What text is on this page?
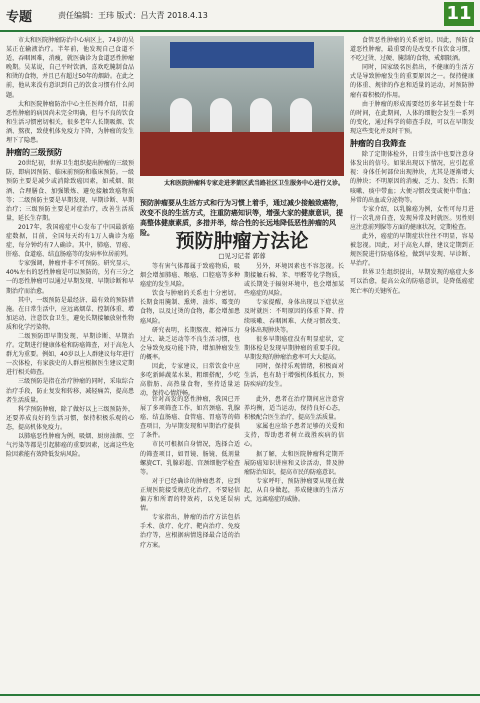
专题	责任编辑：王玮 版式：吕大青 2018.4.13	11

市太和医院肿瘤防治中心病区上，74岁的吴某正在输液治疗。半年前，他发现自己食道不适，吞咽困难，消瘦，就医确诊为食道恶性肿瘤晚期。吴某说，自己平时饮酒，喜欢吃腌制食品和烫的食物，并且已有超过50年的烟龄。在此之前，他从来没有意识到自己的饮食习惯有什么问题。

太和医院肿瘤防治中心主任医师介绍，目前恶性肿瘤的病因尚未完全明确，但与不良的饮食和生活习惯密切相关，很多老年人长期吸烟、饮酒、熬夜，致使机体免疫力下降，为肿瘤的发生埋下了隐患。

肿瘤的三级预防

20世纪初，世界卫生组织提出肿瘤的三级预防，即病因预防、临床前预防和临床预防。一级预防主要是减少或消除致癌因素，如戒烟、限酒、合理膳食、加强锻炼、避免接触致癌物质等；二级预防主要是早期发现、早期诊断、早期治疗；三级预防主要是对症治疗，改善生活质量，延长生存期。

2017年，我国癌症中心发布了中国最新癌症数据，目前，全国每天约有1万人确诊为癌症，每分钟约有7人确诊。其中，肺癌、胃癌、肝癌、食道癌、结直肠癌等的发病率位居前列。

专家强调，肿瘤并非不可预防。研究显示，40%左右的恶性肿瘤是可以预防的，另有三分之一的恶性肿瘤可以通过早期发现、早期诊断和早期治疗而治愈。

其中，一级预防是最经济、最有效的预防措施。在日常生活中，应远离烟草、控制体重、增加运动、注意饮食卫生，避免长期接触放射性物质和化学污染物。

二级预防即早期发现、早期诊断、早期治疗。定期进行健康体检和防癌筛查，对于高危人群尤为重要。例如，40岁以上人群建议每年进行一次体检，有家族史的人群应根据医生建议定期进行相关筛查。

三级预防是指在治疗肿瘤的同时，采取综合治疗手段，防止复发和转移，减轻痛苦，提高患者生活质量。

科学预防肿瘤，除了做好以上三级预防外，还要养成良好的生活习惯，保持积极乐观的心态，提高机体免疫力。

以肺癌恶性肿瘤为例，吸烟、厨房油烟、空气污染等都是引起肺癌的重要因素，远离这些危险因素能有效降低发病风险。

太和医院肿瘤科专家走进茅箭区武当路社区卫生服务中心进行义诊。
预防肿瘤要从生活方式和行为习惯上着手，通过减少接触致癌物，改变不良的生活方式，注重防癌知识等，增强大家的健康意识，提高整体健康素质，多措并举，综合性的长远地降低恶性肿瘤的风险。	预防肿瘤方法论
□见习记者 郭蓉

等有害气体都属于致癌物质，吸烟会增加肺癌、喉癌、口腔癌等多种癌症的发生风险。

饮食与肿瘤的关系也十分密切。长期食用腌制、熏烤、油炸、霉变的食物，以及过烫的食物，都会增加患癌风险。

研究表明，长期熬夜、精神压力过大、缺乏运动等不良生活习惯，也会导致免疫功能下降，增加肿瘤发生的概率。

因此，专家建议，日常饮食中应多吃新鲜蔬菜水果，粗细搭配，少吃高脂肪、高热量食物，坚持适量运动，保持心情舒畅。

另外，环境因素也不容忽视。长期接触石棉、苯、甲醛等化学物质，或长期处于辐射环境中，也会增加某些癌症的风险。

专家提醒，身体出现以下症状应及时就医：不明原因的体重下降、持续咳嗽、吞咽困难、大便习惯改变、身体出现肿块等。

很多早期癌症没有明显症状，定期体检是发现早期肿瘤的重要手段。早期发现的肿瘤治愈率可大大提高。

同时，保持乐观情绪，积极面对生活，也有助于增强机体抵抗力，预防疾病的发生。

针对高发的恶性肿瘤，我国已开展了多项筛查工作，如宫颈癌、乳腺癌、结直肠癌、食管癌、胃癌等的筛查项目，为早期发现和早期治疗提供了条件。

市民可根据自身情况，选择合适的筛查项目，如胃镜、肠镜、低剂量螺旋CT、乳腺彩超、宫颈细胞学检查等。

对于已经确诊的肿瘤患者，应到正规医院接受规范化治疗，不要轻信偏方和所谓的特效药，以免延误病情。

专家指出，肿瘤的治疗方法包括手术、放疗、化疗、靶向治疗、免疫治疗等，应根据病情选择最合适的治疗方案。

此外，患者在治疗期间应注意营养均衡，适当运动，保持良好心态，积极配合医生治疗，提高生活质量。

家属也应给予患者足够的关爱和支持，帮助患者树立战胜疾病的信心。

据了解，太和医院肿瘤科定期开展防癌知识讲座和义诊活动，普及肿瘤防治知识，提高市民的防癌意识。

专家呼吁，预防肿瘤要从现在做起，从自身做起，养成健康的生活方式，远离癌症的威胁。

食管恶性肿瘤的关系密切。因此，预防食道恶性肿瘤，最重要的是改变不良饮食习惯，不吃过烫、过硬、腌制的食物，戒烟限酒。

同时，国家级名医指出，不健康的生活方式是导致肿瘤发生的重要原因之一。保持健康的体重、规律的作息和适量的运动，对预防肿瘤有着积极的作用。

由于肿瘤的形成需要经历多年甚至数十年的时间，在此期间，人体的细胞会发生一系列的变化，通过科学的筛查手段，可以在早期发现这些变化并及时干预。

肿瘤的自我筛查

除了定期体检外，日常生活中也要注意身体发出的信号。如果出现以下情况，应引起重视：身体任何部位出现肿块，尤其是逐渐增大的肿块；不明原因的消瘦、乏力、发热；长期咳嗽、痰中带血；大便习惯改变或便中带血；异常的出血或分泌物等。

专家介绍，以乳腺癌为例，女性可每月进行一次乳房自查，发现异常及时就医。男性则应注意前列腺等方面的健康状况，定期检查。

此外，癌症的早期症状往往不明显，容易被忽视。因此，对于高危人群，建议定期到正规医院进行防癌体检，做到早发现、早诊断、早治疗。

世界卫生组织提出，早期发现的癌症大多可以治愈，提高公众的防癌意识，是降低癌症死亡率的关键所在。
